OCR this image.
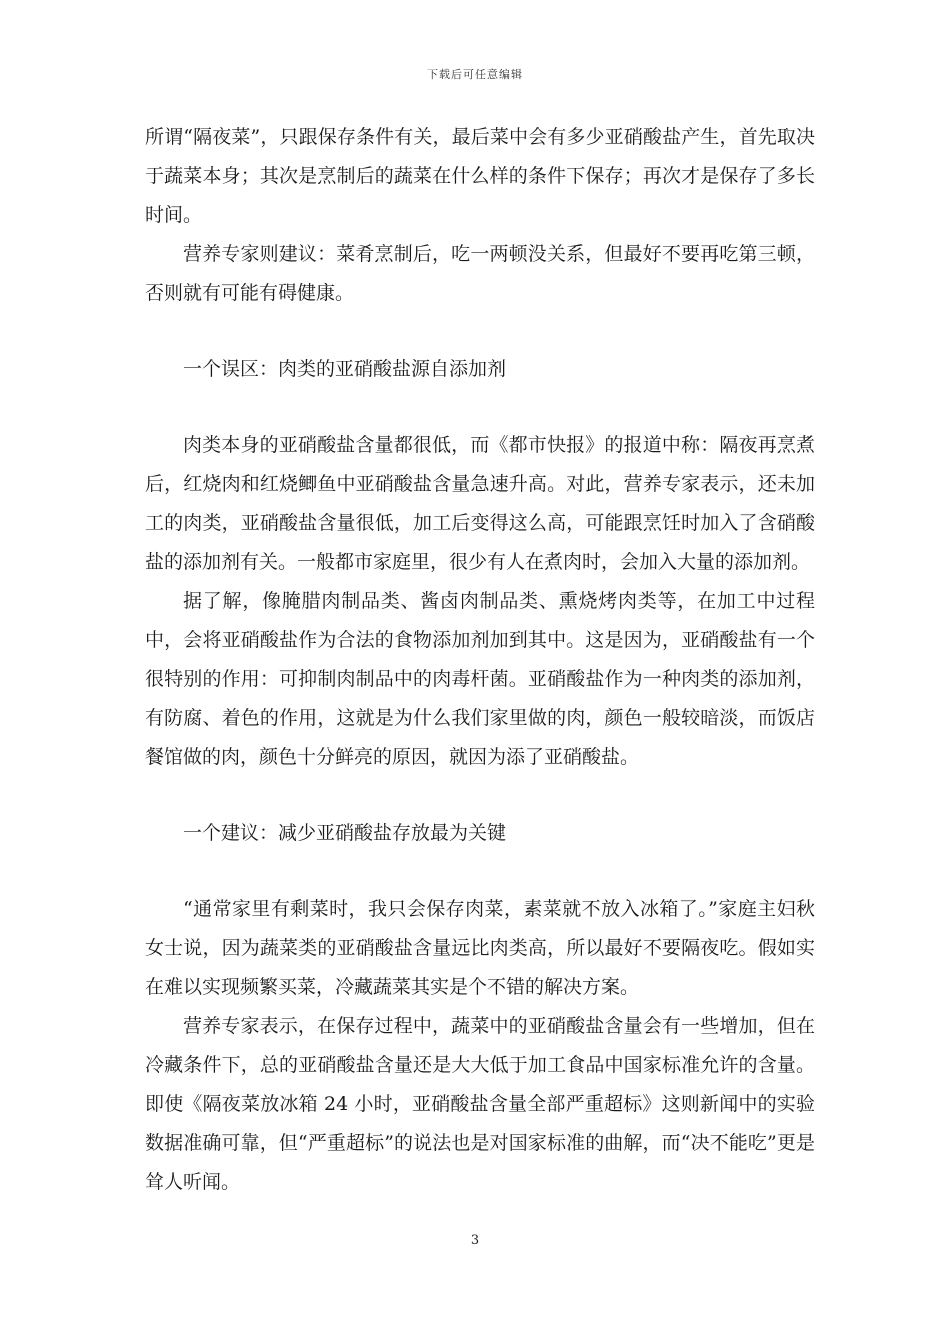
下载后可任意编辑

所谓“隔夜菜”，只跟保存条件有关，最后菜中会有多少亚硝酸盐产生，首先取决于蔬菜本身；其次是烹制后的蔬菜在什么样的条件下保存；再次才是保存了多长时间。

营养专家则建议：菜肴烹制后，吃一两顿没关系，但最好不要再吃第三顿，否则就有可能有碍健康。

一个误区：肉类的亚硝酸盐源自添加剂

肉类本身的亚硝酸盐含量都很低，而《都市快报》的报道中称：隔夜再烹煮后，红烧肉和红烧鲫鱼中亚硝酸盐含量急速升高。对此，营养专家表示，还未加工的肉类，亚硝酸盐含量很低，加工后变得这么高，可能跟烹饪时加入了含硝酸盐的添加剂有关。一般都市家庭里，很少有人在煮肉时，会加入大量的添加剂。

据了解，像腌腊肉制品类、酱卤肉制品类、熏烧烤肉类等，在加工中过程中，会将亚硝酸盐作为合法的食物添加剂加到其中。这是因为，亚硝酸盐有一个很特别的作用：可抑制肉制品中的肉毒杆菌。亚硝酸盐作为一种肉类的添加剂，有防腐、着色的作用，这就是为什么我们家里做的肉，颜色一般较暗淡，而饭店餐馆做的肉，颜色十分鲜亮的原因，就因为添了亚硝酸盐。

一个建议：减少亚硝酸盐存放最为关键

“通常家里有剩菜时，我只会保存肉菜，素菜就不放入冰箱了。”家庭主妇秋女士说，因为蔬菜类的亚硝酸盐含量远比肉类高，所以最好不要隔夜吃。假如实在难以实现频繁买菜，冷藏蔬菜其实是个不错的解决方案。

营养专家表示，在保存过程中，蔬菜中的亚硝酸盐含量会有一些增加，但在冷藏条件下，总的亚硝酸盐含量还是大大低于加工食品中国家标准允许的含量。即使《隔夜菜放冰箱 24 小时，亚硝酸盐含量全部严重超标》这则新闻中的实验数据准确可靠，但“严重超标”的说法也是对国家标准的曲解，而“决不能吃”更是耸人听闻。

3
